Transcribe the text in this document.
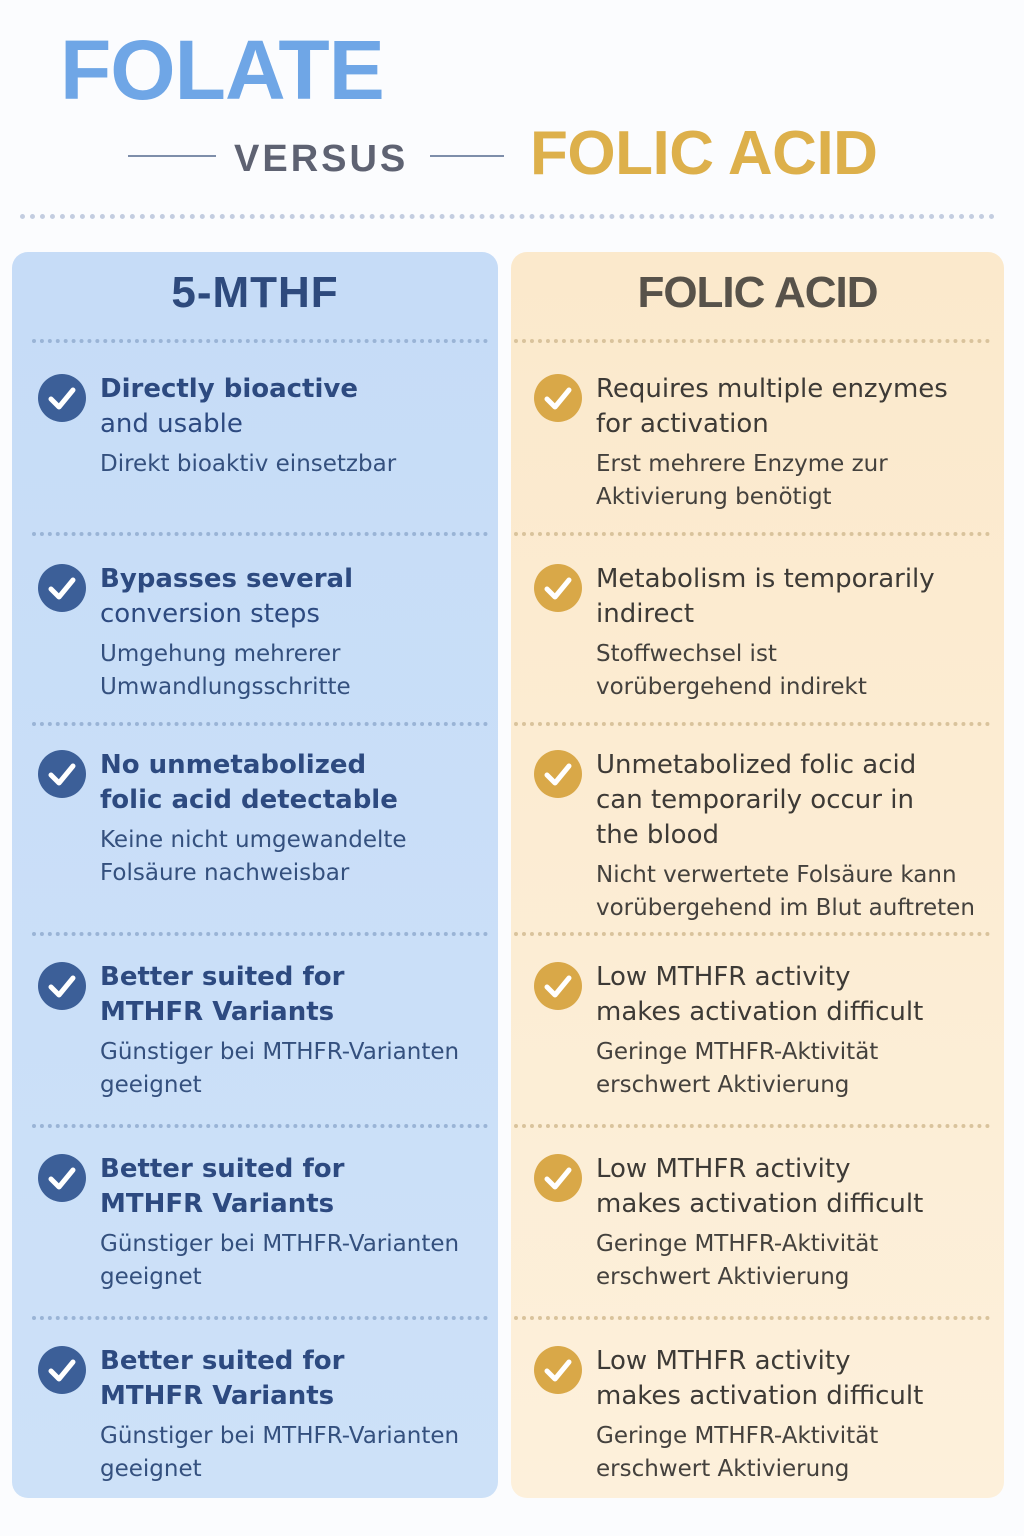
FOLATE
VERSUS FOLIC ACID
5-MTHF	FOLIC ACID
Directly bioactive
and usable
Direkt bioaktiv einsetzbar
Requires multiple enzymes for activation
Erst mehrere Enzyme zur Aktivierung benötigt
Bypasses several
conversion steps
Umgehung mehrerer Umwandlungsschritte
Metabolism is temporarily indirect
Stoffwechsel ist vorübergehend indirekt
No unmetabolized folic acid detectable
Keine nicht umgewandelte Folsäure nachweisbar
Unmetabolized folic acid can temporarily occur in the blood
Nicht verwertete Folsäure kann vorübergehend im Blut auftreten
Better suited for MTHFR Variants
Günstiger bei MTHFR-Varianten geeignet
Low MTHFR activity makes activation difficult
Geringe MTHFR-Aktivität erschwert Aktivierung
Better suited for MTHFR Variants
Günstiger bei MTHFR-Varianten geeignet
Low MTHFR activity makes activation difficult
Geringe MTHFR-Aktivität erschwert Aktivierung
Better suited for MTHFR Variants
Günstiger bei MTHFR-Varianten geeignet
Low MTHFR activity makes activation difficult
Geringe MTHFR-Aktivität erschwert Aktivierung
